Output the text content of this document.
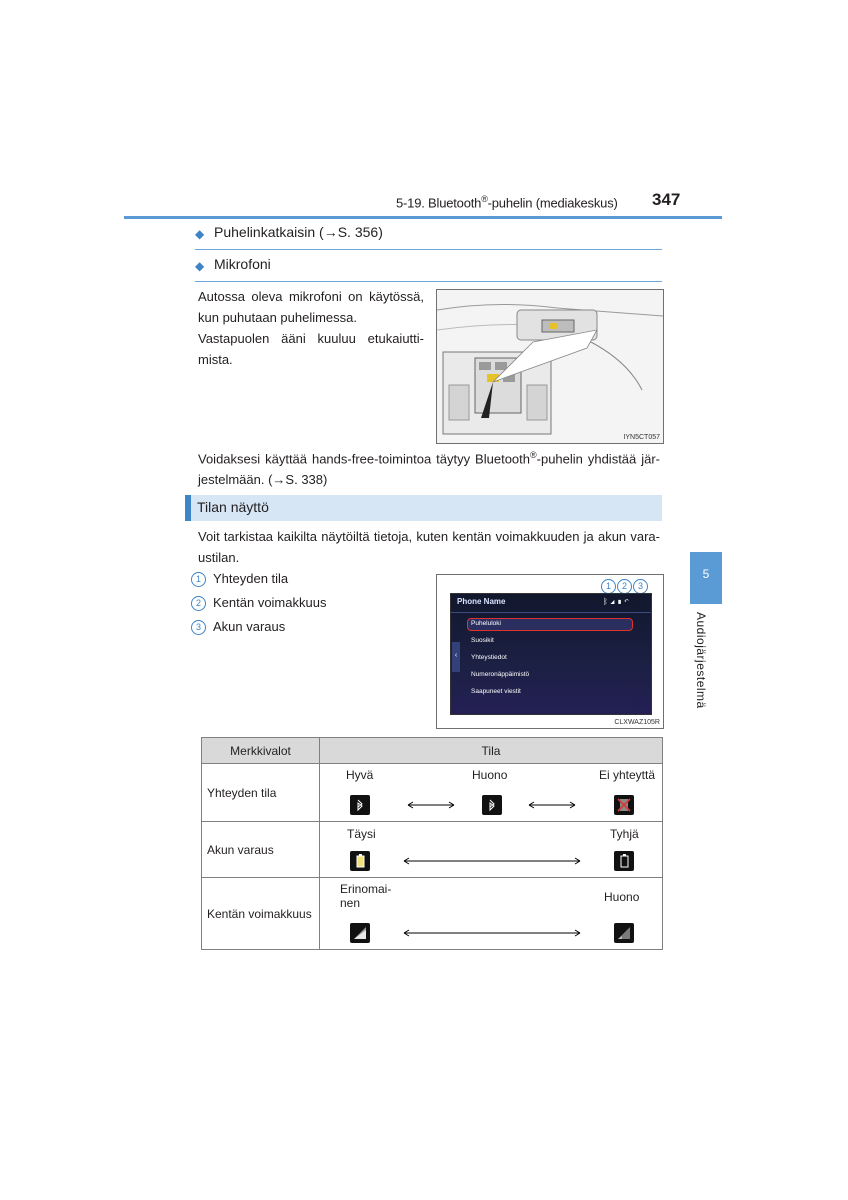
5-19. Bluetooth®-puhelin (mediakeskus) 347
◆ Puhelinkatkaisin (→S. 356)
◆ Mikrofoni
Autossa oleva mikrofoni on käytössä, kun puhutaan puhelimessa.
Vastapuolen ääni kuuluu etukaiutti-mista.
IYN5CT057
Voidaksesi käyttää hands-free-toimintoa täytyy Bluetooth®-puhelin yhdistää jär-jestelmään. (→S. 338)
Tilan näyttö
Voit tarkistaa kaikilta näytöiltä tietoja, kuten kentän voimakkuuden ja akun vara-ustilan.
1 Yhteyden tila
2 Kentän voimakkuus
3 Akun varaus
1 2 3
Phone Name	ᛒ ◢ ▮ ↶
‹
Puheluloki
Suosikit
Yhteystiedot
Numeronäppäimistö
Saapuneet viestit
CLXWAZ105R
5
Audiojärjestelmä
Merkkivalot	Tila
Yhteyden tila	Hyvä Huono Ei yhteyttä

Akun varaus	Täysi Tyhjä

Kentän voimakkuus	Erinomai-nen Huono
